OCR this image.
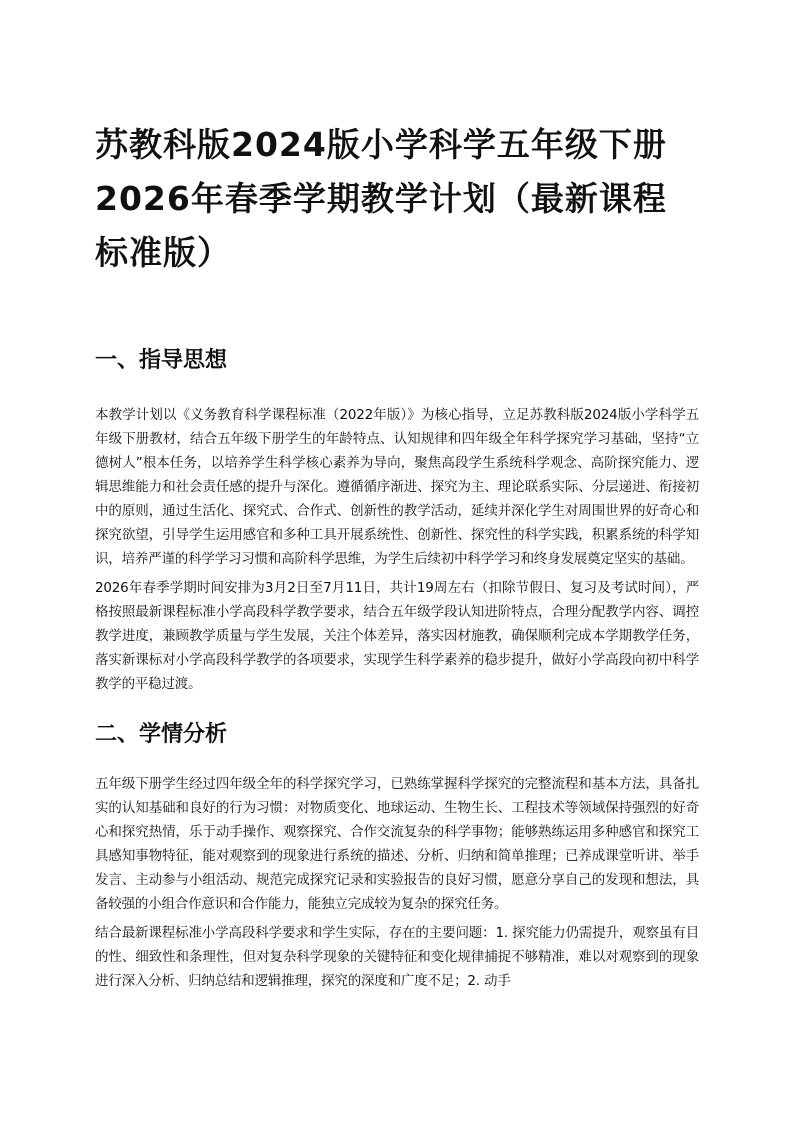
苏教科版2024版小学科学五年级下册2026年春季学期教学计划（最新课程标准版）
一、指导思想

本教学计划以《义务教育科学课程标准（2022年版）》为核心指导，立足苏教科版2024版小学科学五年级下册教材，结合五年级下册学生的年龄特点、认知规律和四年级全年科学探究学习基础，坚持“立德树人”根本任务，以培养学生科学核心素养为导向，聚焦高段学生系统科学观念、高阶探究能力、逻辑思维能力和社会责任感的提升与深化。遵循循序渐进、探究为主、理论联系实际、分层递进、衔接初中的原则，通过生活化、探究式、合作式、创新性的教学活动，延续并深化学生对周围世界的好奇心和探究欲望，引导学生运用感官和多种工具开展系统性、创新性、探究性的科学实践，积累系统的科学知识，培养严谨的科学学习习惯和高阶科学思维，为学生后续初中科学学习和终身发展奠定坚实的基础。

2026年春季学期时间安排为3月2日至7月11日，共计19周左右（扣除节假日、复习及考试时间），严格按照最新课程标准小学高段科学教学要求，结合五年级学段认知进阶特点，合理分配教学内容、调控教学进度，兼顾教学质量与学生发展，关注个体差异，落实因材施教，确保顺利完成本学期教学任务，落实新课标对小学高段科学教学的各项要求，实现学生科学素养的稳步提升，做好小学高段向初中科学教学的平稳过渡。

二、学情分析

五年级下册学生经过四年级全年的科学探究学习，已熟练掌握科学探究的完整流程和基本方法，具备扎实的认知基础和良好的行为习惯：对物质变化、地球运动、生物生长、工程技术等领域保持强烈的好奇心和探究热情，乐于动手操作、观察探究、合作交流复杂的科学事物；能够熟练运用多种感官和探究工具感知事物特征，能对观察到的现象进行系统的描述、分析、归纳和简单推理；已养成课堂听讲、举手发言、主动参与小组活动、规范完成探究记录和实验报告的良好习惯，愿意分享自己的发现和想法，具备较强的小组合作意识和合作能力，能独立完成较为复杂的探究任务。

结合最新课程标准小学高段科学要求和学生实际，存在的主要问题：1. 探究能力仍需提升，观察虽有目的性、细致性和条理性，但对复杂科学现象的关键特征和变化规律捕捉不够精准，难以对观察到的现象进行深入分析、归纳总结和逻辑推理，探究的深度和广度不足；2. 动手
